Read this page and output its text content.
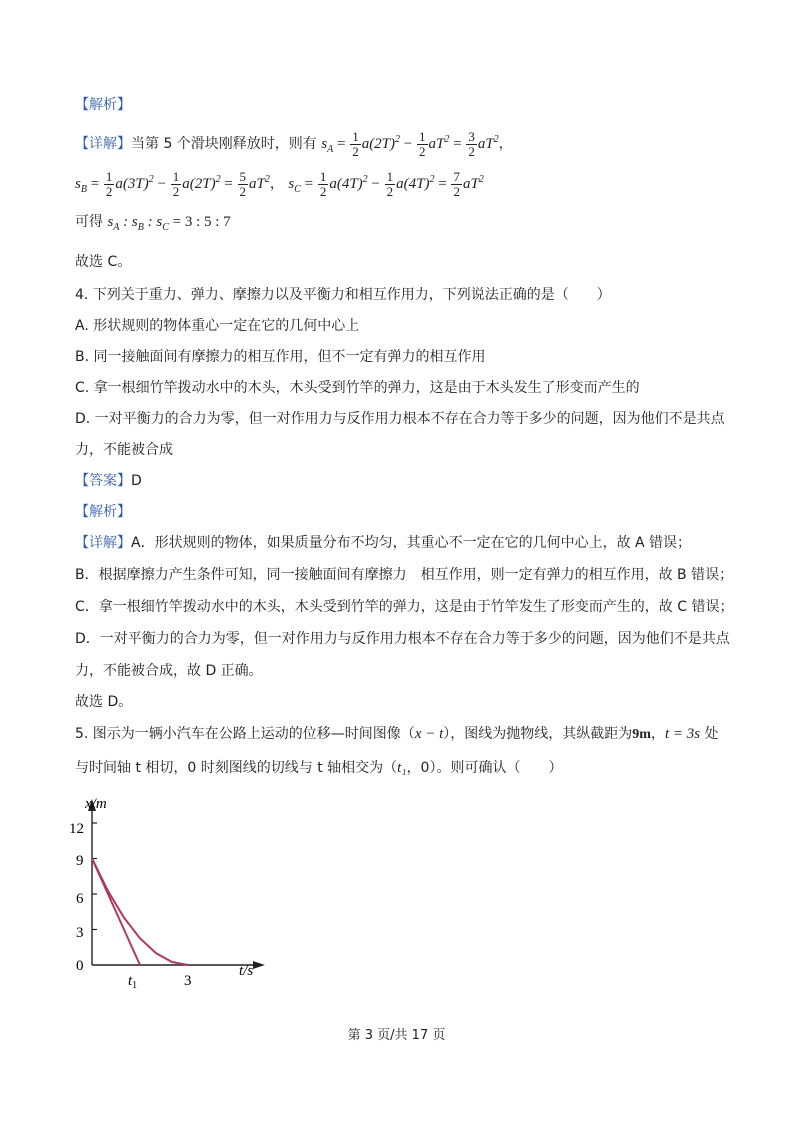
【解析】
【详解】当第 5 个滑块刚释放时，则有 $s_A = \frac{1}{2} a(2T)^2 - \frac{1}{2} aT^2 = \frac{3}{2} aT^2$，
$s_B = \frac{1}{2} a(3T)^2 - \frac{1}{2} a(2T)^2 = \frac{5}{2} aT^2$， $s_C = \frac{1}{2} a(4T)^2 - \frac{1}{2} a(4T)^2 = \frac{7}{2} aT^2$
可得 $s_A$ : $s_B$ : $s_C = 3$ : 5 : 7
故选 C。
4. 下列关于重力、弹力、摩擦力以及平衡力和相互作用力，下列说法正确的是（　　）
A. 形状规则的物体重心一定在它的几何中心上
B. 同一接触面间有摩擦力的相互作用，但不一定有弹力的相互作用
C. 拿一根细竹竿拨动水中的木头，木头受到竹竿的弹力，这是由于木头发生了形变而产生的
D. 一对平衡力的合力为零，但一对作用力与反作用力根本不存在合力等于多少的问题，因为他们不是共点
力，不能被合成
【答案】D
【解析】
【详解】A．形状规则的物体，如果质量分布不均匀，其重心不一定在它的几何中心上，故 A 错误；
B．根据摩擦力产生条件可知，同一接触面间有摩擦力　相互作用，则一定有弹力的相互作用，故 B 错误；
C．拿一根细竹竿拨动水中的木头，木头受到竹竿的弹力，这是由于竹竿发生了形变而产生的，故 C 错误；
D．一对平衡力的合力为零，但一对作用力与反作用力根本不存在合力等于多少的问题，因为他们不是共点
力，不能被合成，故 D 正确。
故选 D。
5. 图示为一辆小汽车在公路上运动的位移—时间图像（x − t），图线为抛物线，其纵截距为9m，t = 3s 处
与时间轴 t 相切，0 时刻图线的切线与 t 轴相交为（t₁，0）。则可确认（　　）
x/m
t/s
12
9
6
3
0
$t_1$	3
第 3 页/共 17 页
